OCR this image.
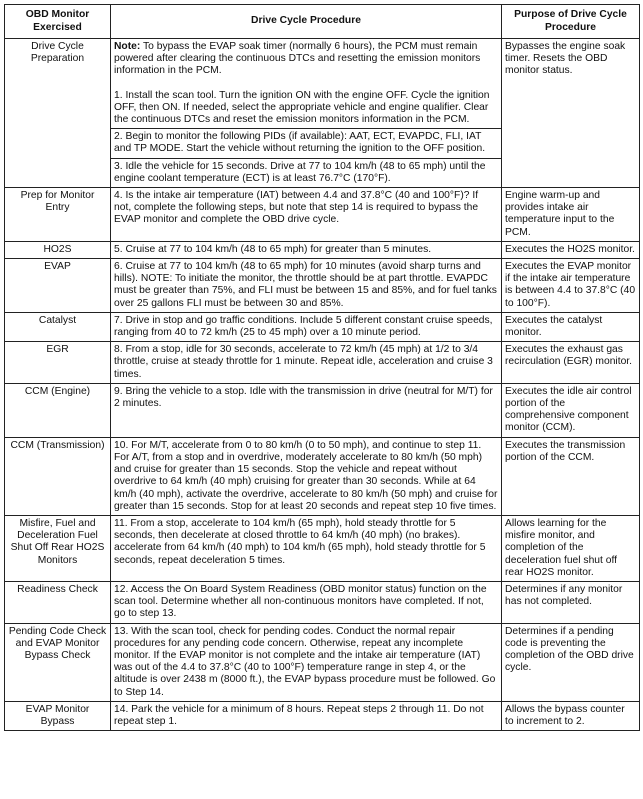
OBD Monitor Exercised	Drive Cycle Procedure	Purpose of Drive Cycle Procedure
Drive Cycle Preparation	Note: To bypass the EVAP soak timer (normally 6 hours), the PCM must remain powered after clearing the continuous DTCs and resetting the emission monitors information in the PCM.
1. Install the scan tool. Turn the ignition ON with the engine OFF. Cycle the ignition OFF, then ON. If needed, select the appropriate vehicle and engine qualifier. Clear the continuous DTCs and reset the emission monitors information in the PCM.
2. Begin to monitor the following PIDs (if available): AAT, ECT, EVAPDC, FLI, IAT and TP MODE. Start the vehicle without returning the ignition to the OFF position.
3. Idle the vehicle for 15 seconds. Drive at 77 to 104 km/h (48 to 65 mph) until the engine coolant temperature (ECT) is at least 76.7°C (170°F).	Bypasses the engine soak timer. Resets the OBD monitor status.
Prep for Monitor Entry	4. Is the intake air temperature (IAT) between 4.4 and 37.8°C (40 and 100°F)? If not, complete the following steps, but note that step 14 is required to bypass the EVAP monitor and complete the OBD drive cycle.	Engine warm-up and provides intake air temperature input to the PCM.
HO2S	5. Cruise at 77 to 104 km/h (48 to 65 mph) for greater than 5 minutes.	Executes the HO2S monitor.
EVAP	6. Cruise at 77 to 104 km/h (48 to 65 mph) for 10 minutes (avoid sharp turns and hills). NOTE: To initiate the monitor, the throttle should be at part throttle. EVAPDC must be greater than 75%, and FLI must be between 15 and 85%, and for fuel tanks over 25 gallons FLI must be between 30 and 85%.	Executes the EVAP monitor if the intake air temperature is between 4.4 to 37.8°C (40 to 100°F).
Catalyst	7. Drive in stop and go traffic conditions. Include 5 different constant cruise speeds, ranging from 40 to 72 km/h (25 to 45 mph) over a 10 minute period.	Executes the catalyst monitor.
EGR	8. From a stop, idle for 30 seconds, accelerate to 72 km/h (45 mph) at 1/2 to 3/4 throttle, cruise at steady throttle for 1 minute. Repeat idle, acceleration and cruise 3 times.	Executes the exhaust gas recirculation (EGR) monitor.
CCM (Engine)	9. Bring the vehicle to a stop. Idle with the transmission in drive (neutral for M/T) for 2 minutes.	Executes the idle air control portion of the comprehensive component monitor (CCM).
CCM (Transmission)	10. For M/T, accelerate from 0 to 80 km/h (0 to 50 mph), and continue to step 11. For A/T, from a stop and in overdrive, moderately accelerate to 80 km/h (50 mph) and cruise for greater than 15 seconds. Stop the vehicle and repeat without overdrive to 64 km/h (40 mph) cruising for greater than 30 seconds. While at 64 km/h (40 mph), activate the overdrive, accelerate to 80 km/h (50 mph) and cruise for greater than 15 seconds. Stop for at least 20 seconds and repeat step 10 five times.	Executes the transmission portion of the CCM.
Misfire, Fuel and Deceleration Fuel Shut Off Rear HO2S Monitors	11. From a stop, accelerate to 104 km/h (65 mph), hold steady throttle for 5 seconds, then decelerate at closed throttle to 64 km/h (40 mph) (no brakes). accelerate from 64 km/h (40 mph) to 104 km/h (65 mph), hold steady throttle for 5 seconds, repeat deceleration 5 times.	Allows learning for the misfire monitor, and completion of the deceleration fuel shut off rear HO2S monitor.
Readiness Check	12. Access the On Board System Readiness (OBD monitor status) function on the scan tool. Determine whether all non-continuous monitors have completed. If not, go to step 13.	Determines if any monitor has not completed.
Pending Code Check and EVAP Monitor Bypass Check	13. With the scan tool, check for pending codes. Conduct the normal repair procedures for any pending code concern. Otherwise, repeat any incomplete monitor. If the EVAP monitor is not complete and the intake air temperature (IAT) was out of the 4.4 to 37.8°C (40 to 100°F) temperature range in step 4, or the altitude is over 2438 m (8000 ft.), the EVAP bypass procedure must be followed. Go to Step 14.	Determines if a pending code is preventing the completion of the OBD drive cycle.
EVAP Monitor Bypass	14. Park the vehicle for a minimum of 8 hours. Repeat steps 2 through 11. Do not repeat step 1.	Allows the bypass counter to increment to 2.
